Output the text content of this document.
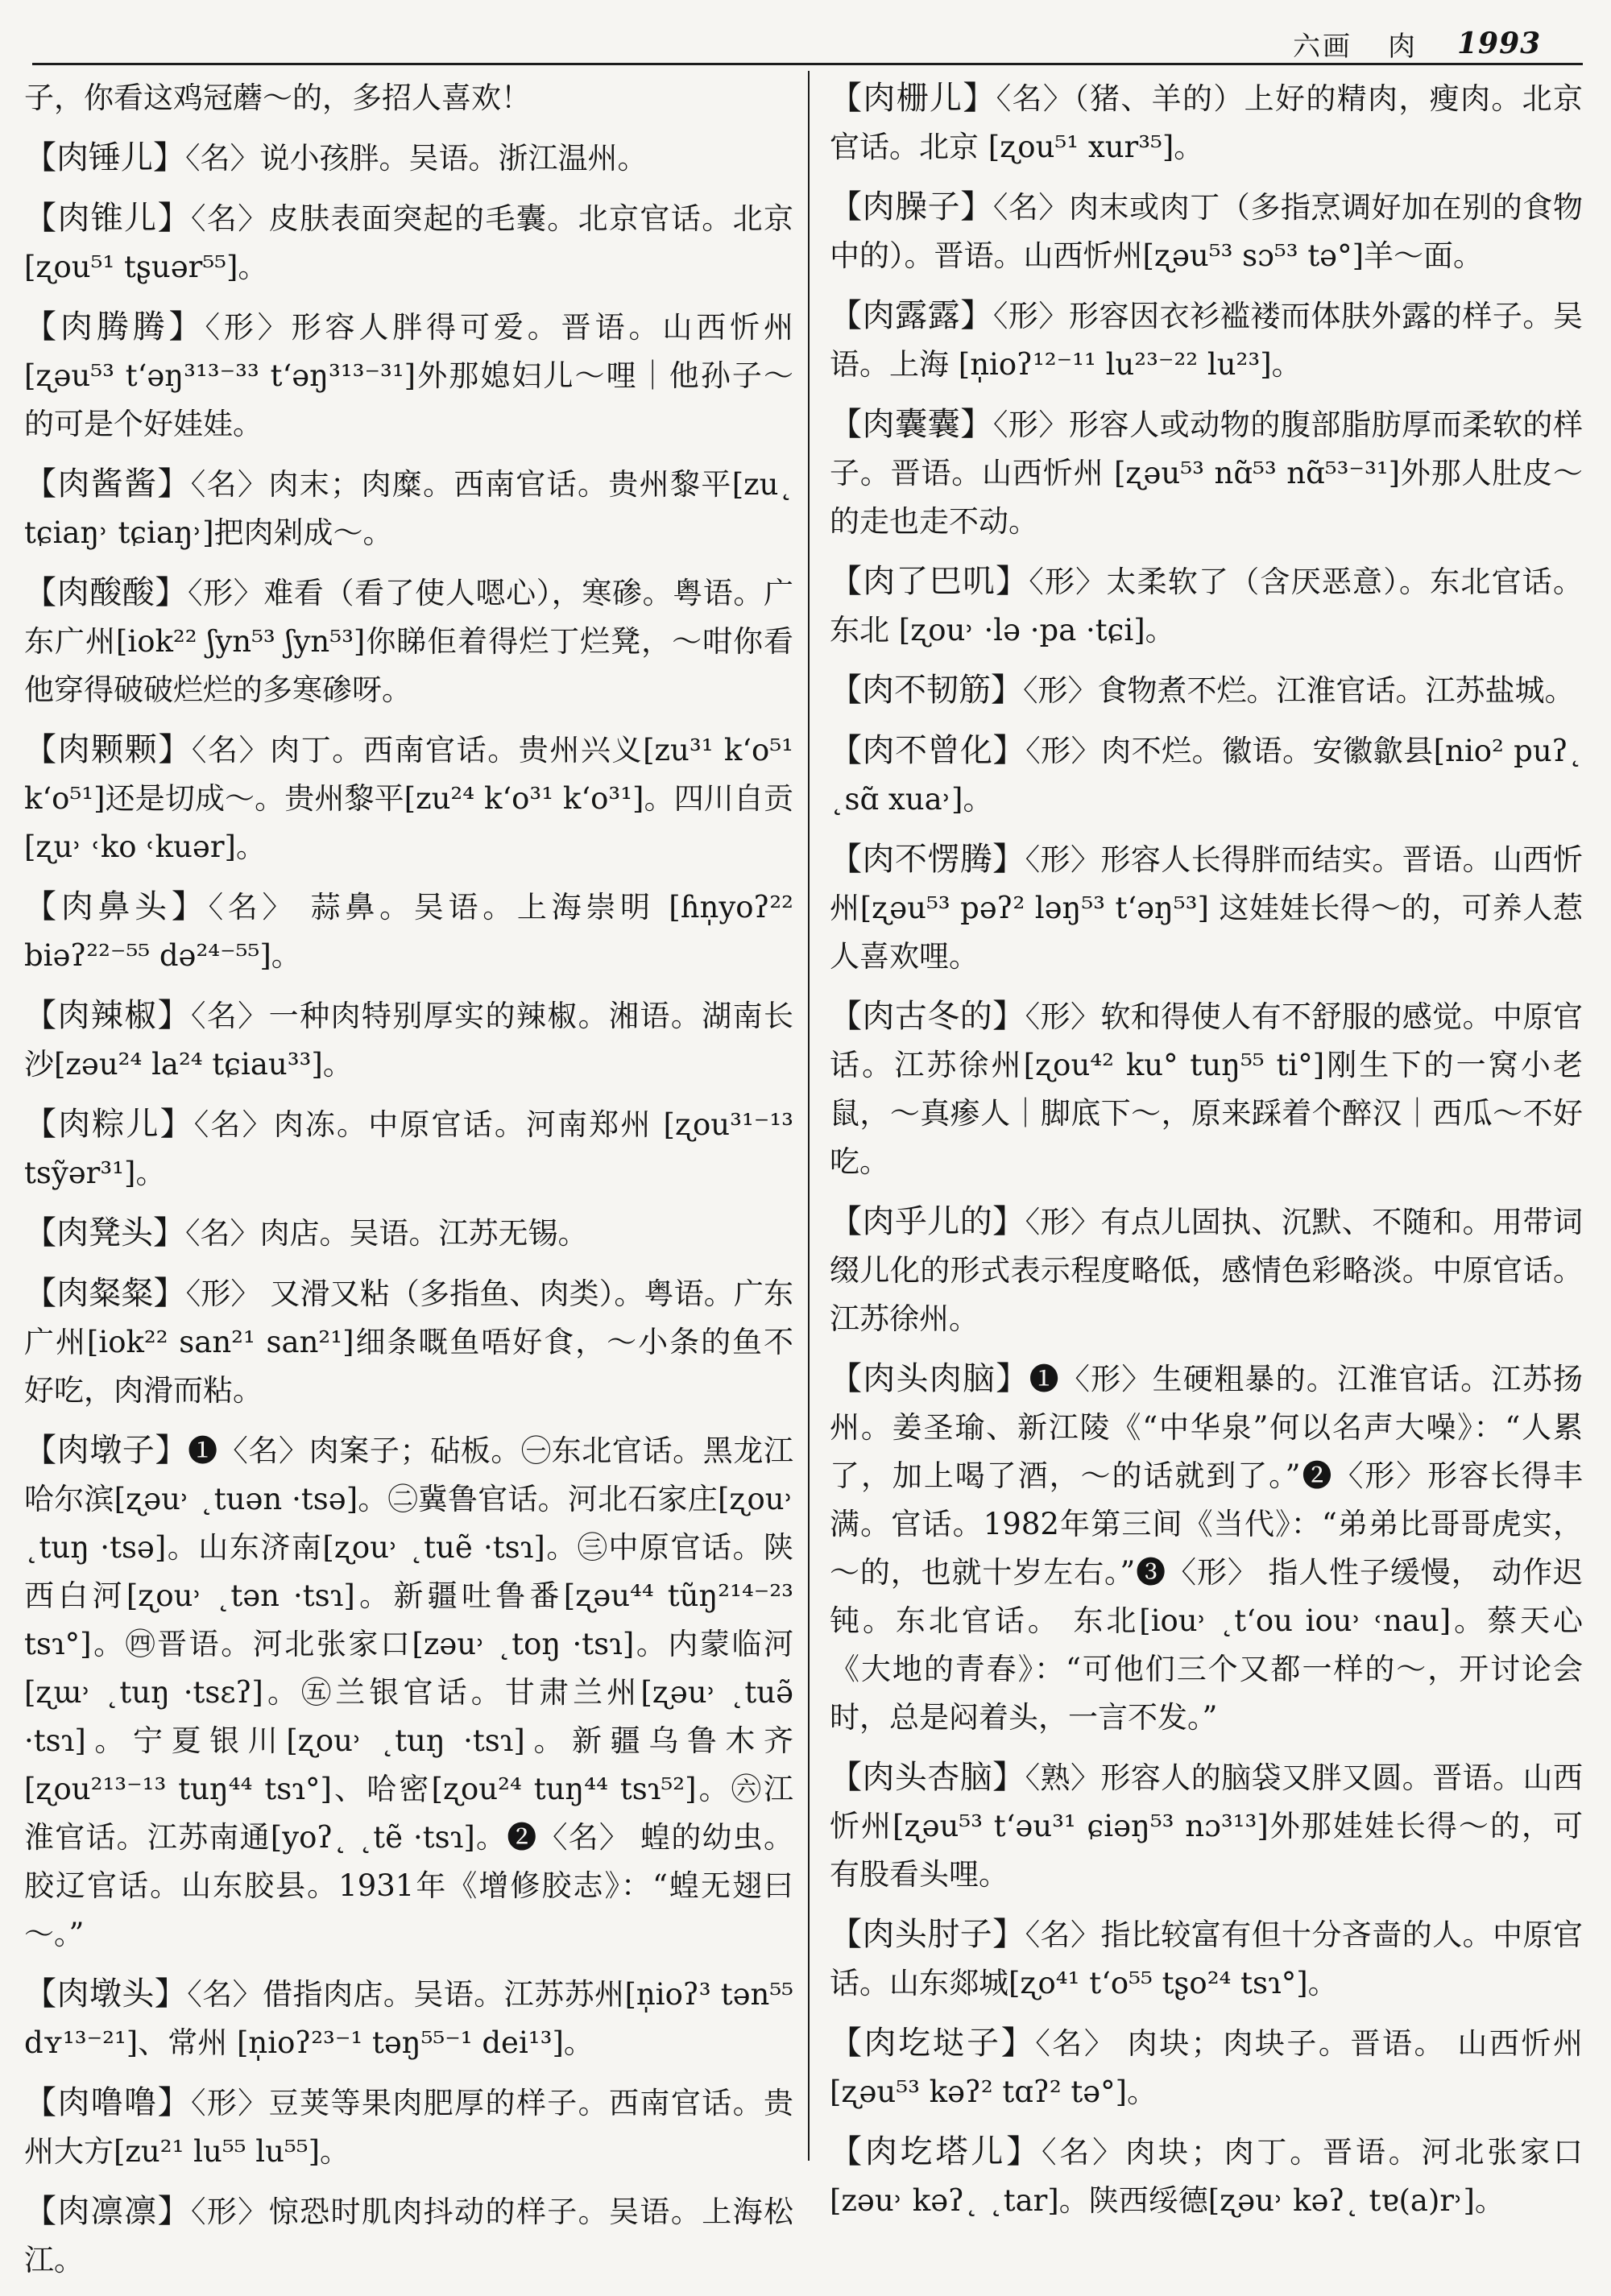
六画 肉 1993

子，你看这鸡冠蘑～的，多招人喜欢！

【肉锤儿】〈名〉说小孩胖。吴语。浙江温州。

【肉锥儿】〈名〉皮肤表面突起的毛囊。北京官话。北京[ʐou⁵¹ tʂuər⁵⁵]。

【肉腾腾】〈形〉形容人胖得可爱。晋语。山西忻州[ʐəu⁵³ tʻəŋ³¹³⁻³³ tʻəŋ³¹³⁻³¹]外那媳妇儿～哩｜他孙子～的可是个好娃娃。

【肉酱酱】〈名〉肉末；肉糜。西南官话。贵州黎平[zu˛ tɕiaŋ˒ tɕiaŋ˒]把肉剁成～。

【肉酸酸】〈形〉难看（看了使人嗯心），寒碜。粤语。广东广州[iok²² ʃyn⁵³ ʃyn⁵³]你睇佢着得烂丁烂凳，～咁你看他穿得破破烂烂的多寒碜呀。

【肉颗颗】〈名〉肉丁。西南官话。贵州兴义[zu³¹ kʻo⁵¹ kʻo⁵¹]还是切成～。贵州黎平[zu²⁴ kʻo³¹ kʻo³¹]。四川自贡[ʐu˒ ˓ko ˓kuər]。

【肉鼻头】〈名〉 蒜鼻。吴语。上海崇明 [ɦn̩yoʔ²² biəʔ²²⁻⁵⁵ də²⁴⁻⁵⁵]。

【肉辣椒】〈名〉一种肉特别厚实的辣椒。湘语。湖南长沙[zəu²⁴ la²⁴ tɕiau³³]。

【肉粽儿】〈名〉肉冻。中原官话。河南郑州 [ʐou³¹⁻¹³ tsỹər³¹]。

【肉凳头】〈名〉肉店。吴语。江苏无锡。

【肉粲粲】〈形〉 又滑又粘（多指鱼、肉类）。粤语。广东广州[iok²² san²¹ san²¹]细条嘅鱼唔好食，～小条的鱼不好吃，肉滑而粘。

【肉墩子】❶〈名〉肉案子；砧板。㊀东北官话。黑龙江哈尔滨[ʐəu˒ ˛tuən ·tsə]。㊁冀鲁官话。河北石家庄[ʐou˒ ˛tuŋ ·tsə]。山东济南[ʐou˒ ˛tuẽ ·tsɿ]。㊂中原官话。陕西白河[ʐou˒ ˛tən ·tsɿ]。新疆吐鲁番[ʐəu⁴⁴ tũŋ²¹⁴⁻²³ tsɿ°]。㊃晋语。河北张家口[zəu˒ ˛toŋ ·tsɿ]。内蒙临河[ʐɯ˒ ˛tuŋ ·tsɛʔ]。㊄兰银官话。甘肃兰州[ʐəu˒ ˛tuə̃ ·tsɿ]。宁夏银川[ʐou˒ ˛tuŋ ·tsɿ]。新疆乌鲁木齐[ʐou²¹³⁻¹³ tuŋ⁴⁴ tsɿ°]、哈密[ʐou²⁴ tuŋ⁴⁴ tsɿ⁵²]。㊅江淮官话。江苏南通[yoʔ˛ ˛tẽ ·tsɿ]。❷〈名〉 蝗的幼虫。胶辽官话。山东胶县。1931年《增修胶志》：“蝗无翅曰～。”

【肉墩头】〈名〉借指肉店。吴语。江苏苏州[n̩ioʔ³ tən⁵⁵ dʏ¹³⁻²¹]、常州 [n̩ioʔ²³⁻¹ təŋ⁵⁵⁻¹ dei¹³]。

【肉噜噜】〈形〉豆荚等果肉肥厚的样子。西南官话。贵州大方[zu²¹ lu⁵⁵ lu⁵⁵]。

【肉凛凛】〈形〉惊恐时肌肉抖动的样子。吴语。上海松江。

【肉栅儿】〈名〉（猪、羊的）上好的精肉，瘦肉。北京官话。北京 [ʐou⁵¹ xur³⁵]。

【肉臊子】〈名〉肉末或肉丁（多指烹调好加在别的食物中的）。晋语。山西忻州[ʐəu⁵³ sɔ⁵³ tə°]羊～面。

【肉露露】〈形〉形容因衣衫褴褛而体肤外露的样子。吴语。上海 [n̩ioʔ¹²⁻¹¹ lu²³⁻²² lu²³]。

【肉囊囊】〈形〉形容人或动物的腹部脂肪厚而柔软的样子。晋语。山西忻州 [ʐəu⁵³ nɑ̃⁵³ nɑ̃⁵³⁻³¹]外那人肚皮～的走也走不动。

【肉了巴叽】〈形〉太柔软了（含厌恶意）。东北官话。东北 [ʐou˒ ·lə ·pa ·tɕi]。

【肉不韧筋】〈形〉食物煮不烂。江淮官话。江苏盐城。

【肉不曾化】〈形〉肉不烂。徽语。安徽歙县[nio² puʔ˛ ˛sɑ̃ xua˒]。

【肉不愣腾】〈形〉形容人长得胖而结实。晋语。山西忻州[ʐəu⁵³ pəʔ² ləŋ⁵³ tʻəŋ⁵³] 这娃娃长得～的，可养人惹人喜欢哩。

【肉古冬的】〈形〉软和得使人有不舒服的感觉。中原官话。江苏徐州[ʐou⁴² ku° tuŋ⁵⁵ ti°]刚生下的一窝小老鼠，～真瘆人｜脚底下～，原来踩着个醉汉｜西瓜～不好吃。

【肉乎儿的】〈形〉有点儿固执、沉默、不随和。用带词缀儿化的形式表示程度略低，感情色彩略淡。中原官话。江苏徐州。

【肉头肉脑】❶〈形〉生硬粗暴的。江淮官话。江苏扬州。姜圣瑜、新江陵《“中华泉”何以名声大噪》：“人累了，加上喝了酒，～的话就到了。”❷〈形〉形容长得丰满。官话。1982年第三间《当代》：“弟弟比哥哥虎实，～的，也就十岁左右。”❸〈形〉 指人性子缓慢， 动作迟钝。东北官话。 东北[iou˒ ˛tʻou iou˒ ˓nau]。蔡天心《大地的青春》：“可他们三个又都一样的～，开讨论会时，总是闷着头，一言不发。”

【肉头杏脑】〈熟〉形容人的脑袋又胖又圆。晋语。山西忻州[ʐəu⁵³ tʻəu³¹ ɕiəŋ⁵³ nɔ³¹³]外那娃娃长得～的，可有股看头哩。

【肉头肘子】〈名〉指比较富有但十分吝啬的人。中原官话。山东郯城[ʐo⁴¹ tʻo⁵⁵ tʂo²⁴ tsɿ°]。

【肉圪垯子】〈名〉 肉块；肉块子。晋语。 山西忻州[ʐəu⁵³ kəʔ² tɑʔ² tə°]。

【肉圪塔儿】〈名〉肉块；肉丁。晋语。河北张家口[zəu˒ kəʔ˛ ˛tar]。陕西绥德[ʐəu˒ kəʔ˛ tɐ(a)r˒]。
